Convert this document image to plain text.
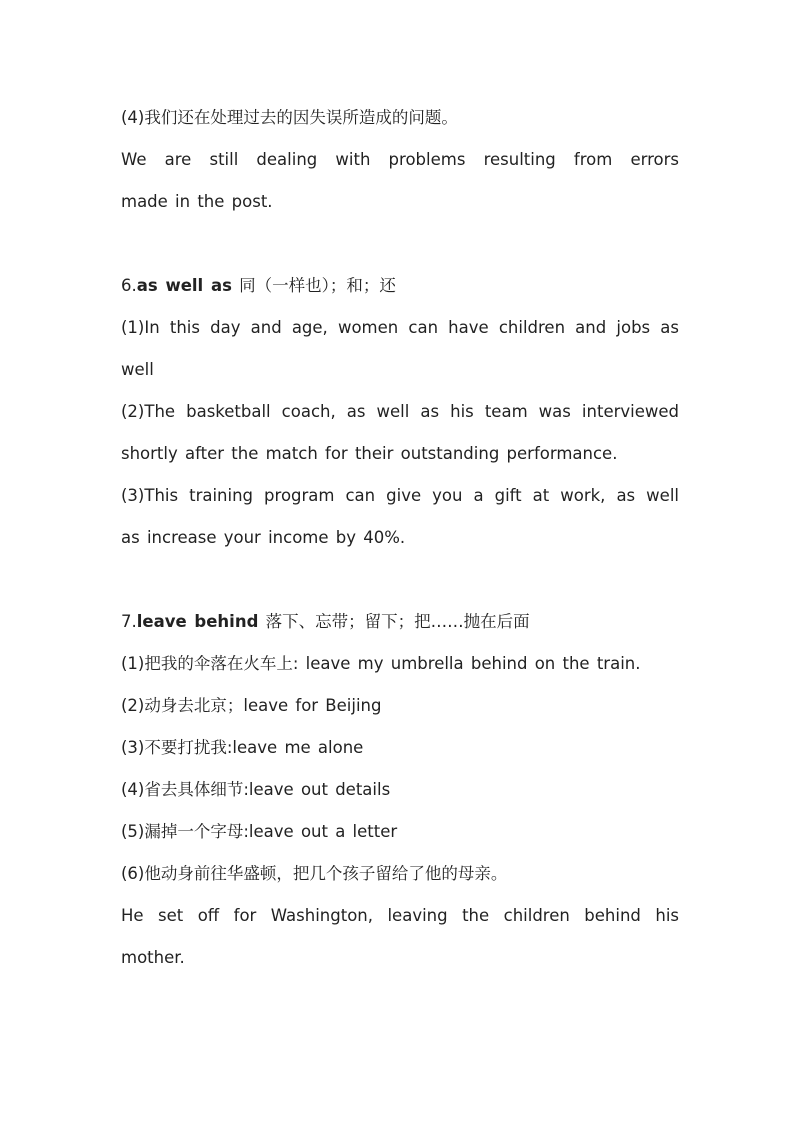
(4)我们还在处理过去的因失误所造成的问题。
We are still dealing with problems resulting from errors
made in the post.
6.as well as 同（一样也）；和；还
(1)In this day and age, women can have children and jobs as
well
(2)The basketball coach, as well as his team was interviewed
shortly after the match for their outstanding performance.
(3)This training program can give you a gift at work, as well
as increase your income by 40%.
7.leave behind 落下、忘带；留下；把……抛在后面
(1)把我的伞落在火车上: leave my umbrella behind on the train.
(2)动身去北京；leave for Beijing
(3)不要打扰我:leave me alone
(4)省去具体细节:leave out details
(5)漏掉一个字母:leave out a letter
(6)他动身前往华盛顿，把几个孩子留给了他的母亲。
He set off for Washington, leaving the children behind his
mother.
